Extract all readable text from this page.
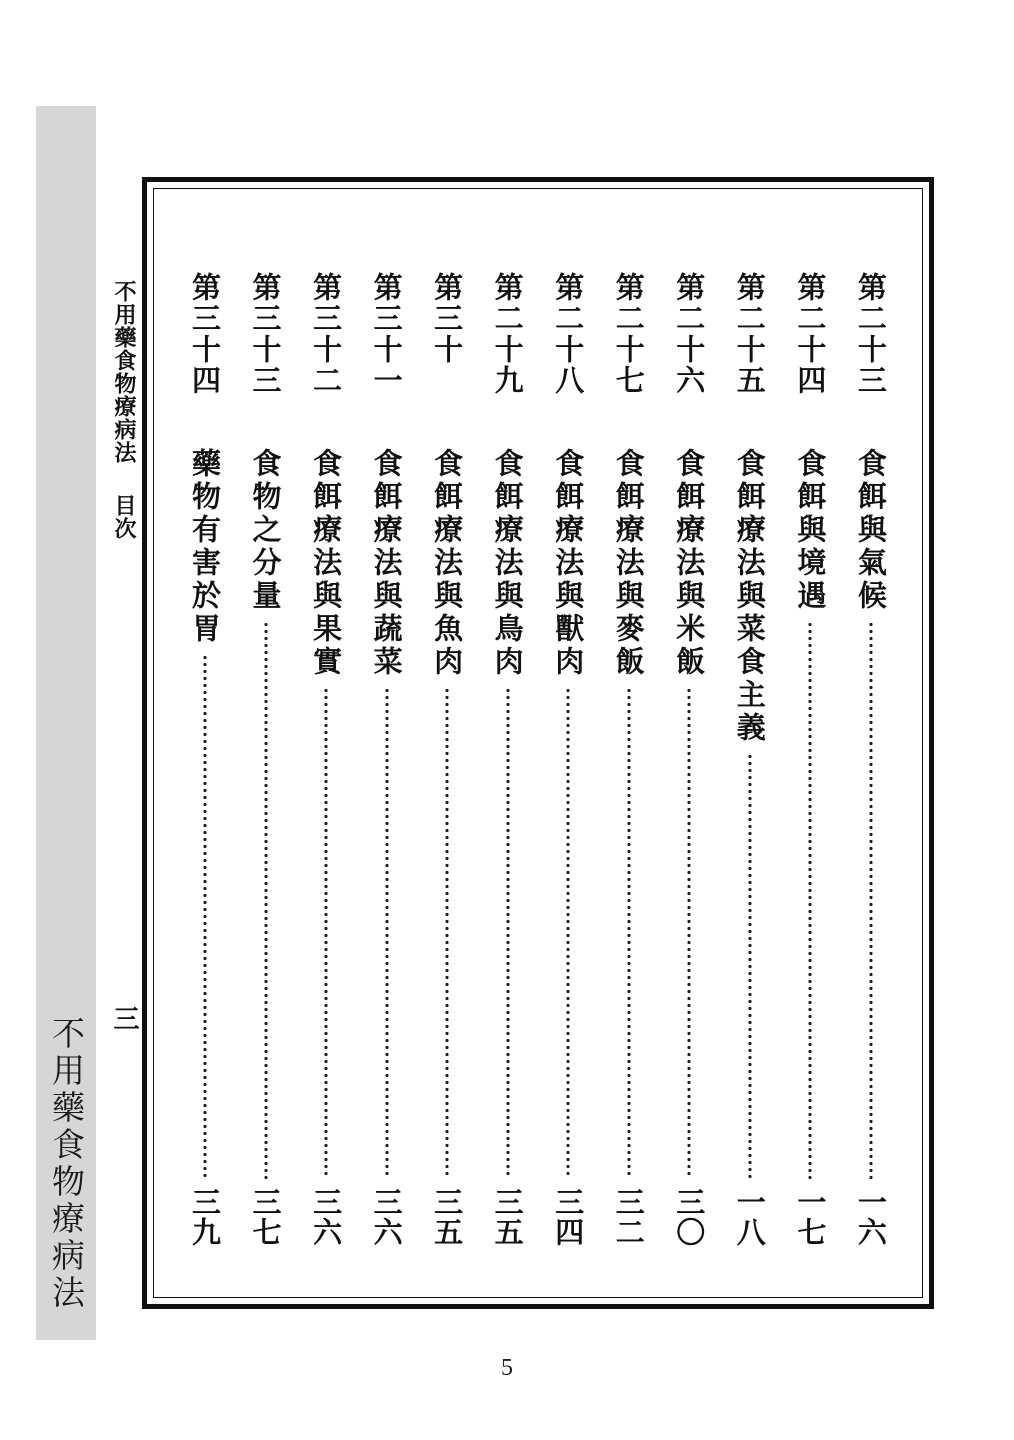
不用藥食物療病法
不用藥食物療病法目次
三
第二十三
食餌與氣候
一六
第二十四
食餌與境遇
一七
第二十五
食餌療法與菜食主義
一八
第二十六
食餌療法與米飯
三〇
第二十七
食餌療法與麥飯
三二
第二十八
食餌療法與獸肉
三四
第二十九
食餌療法與鳥肉
三五
第三十
食餌療法與魚肉
三五
第三十一
食餌療法與蔬菜
三六
第三十二
食餌療法與果實
三六
第三十三
食物之分量
三七
第三十四
藥物有害於胃
三九
5
